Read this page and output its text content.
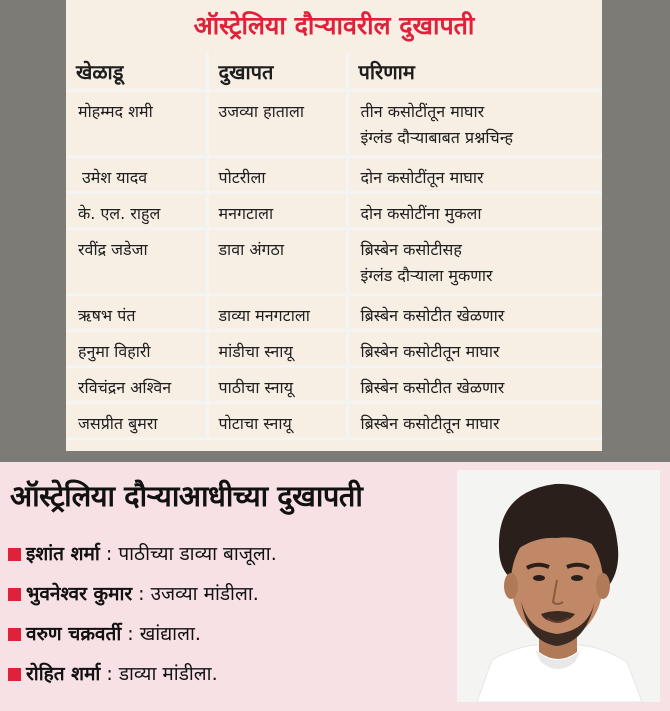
ऑस्ट्रेलिया दौऱ्यावरील दुखापती
खेळाडू	दुखापत	परिणाम
मोहम्मद शमी	उजव्या हाताला	तीन कसोटींतून माघार
इंग्लंड दौऱ्याबाबत प्रश्नचिन्ह

उमेश यादव	पोटरीला	दोन कसोटींतून माघार
के. एल. राहुल	मनगटाला	दोन कसोटींना मुकला
रवींद्र जडेजा	डावा अंगठा	ब्रिस्बेन कसोटीसह
इंग्लंड दौऱ्याला मुकणार

ऋषभ पंत	डाव्या मनगटाला	ब्रिस्बेन कसोटीत खेळणार
हनुमा विहारी	मांडीचा स्नायू	ब्रिस्बेन कसोटीतून माघार
रविचंद्रन अश्विन	पाठीचा स्नायू	ब्रिस्बेन कसोटीत खेळणार
जसप्रीत बुमरा	पोटाचा स्नायू	ब्रिस्बेन कसोटीतून माघार
ऑस्ट्रेलिया दौऱ्याआधीच्या दुखापती
इशांत शर्मा : पाठीच्या डाव्या बाजूला.
भुवनेश्वर कुमार : उजव्या मांडीला.
वरुण चक्रवर्ती : खांद्याला.
रोहित शर्मा : डाव्या मांडीला.
